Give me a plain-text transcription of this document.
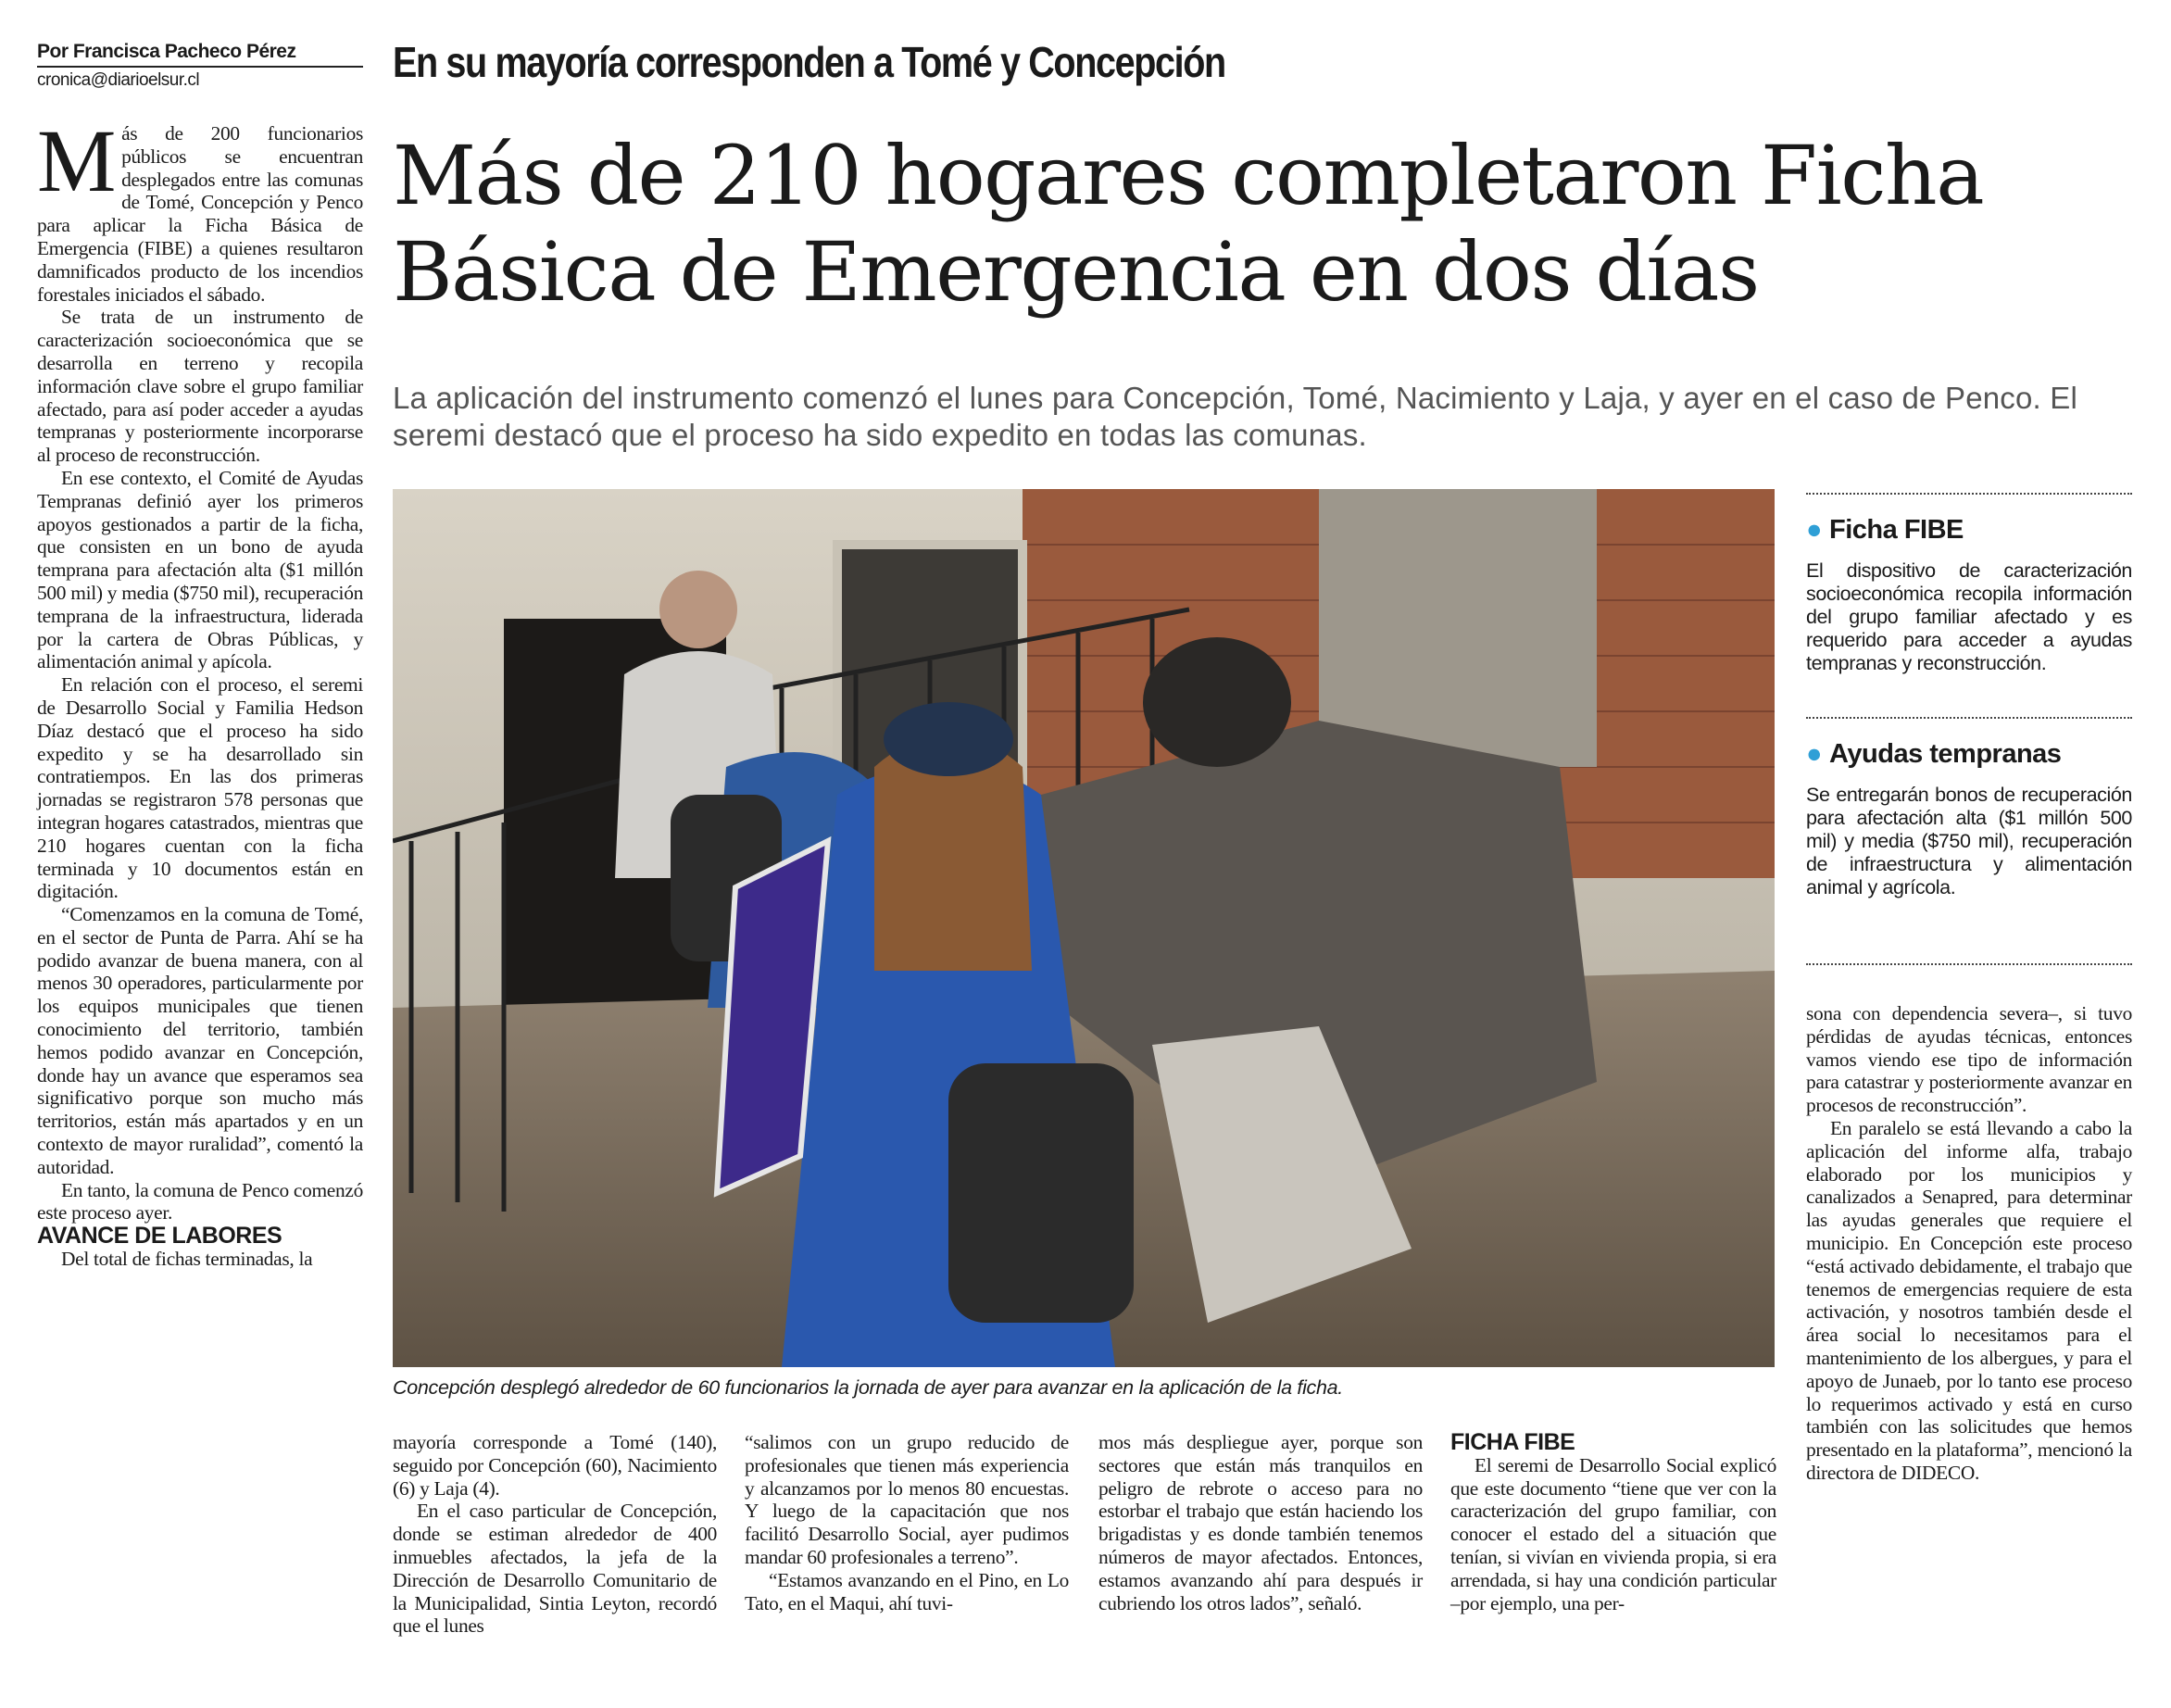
Por Francisca Pacheco Pérez
cronica@diarioelsur.cl	En su mayoría corresponden a Tomé y Concepción
Más de 210 hogares completaron Ficha
Básica de Emergencia en dos días
La aplicación del instrumento comenzó el lunes para Concepción, Tomé, Nacimiento y Laja, y ayer en el caso de Penco. El seremi destacó que el proceso ha sido expedito en todas las comunas.

Más de 200 funcionarios públicos se encuentran desplegados entre las comunas de Tomé, Concepción y Penco para aplicar la Ficha Básica de Emergencia (FIBE) a quienes resultaron damnificados producto de los incendios forestales iniciados el sábado.

Se trata de un instrumento de caracterización socioeconómica que se desarrolla en terreno y recopila información clave sobre el grupo familiar afectado, para así poder acceder a ayudas tempranas y posteriormente incorporarse al proceso de reconstrucción.

En ese contexto, el Comité de Ayudas Tempranas definió ayer los primeros apoyos gestionados a partir de la ficha, que consisten en un bono de ayuda temprana para afectación alta ($1 millón 500 mil) y media ($750 mil), recuperación temprana de la infraestructura, liderada por la cartera de Obras Públicas, y alimentación animal y apícola.

En relación con el proceso, el seremi de Desarrollo Social y Familia Hedson Díaz destacó que el proceso ha sido expedito y se ha desarrollado sin contratiempos. En las dos primeras jornadas se registraron 578 personas que integran hogares catastrados, mientras que 210 hogares cuentan con la ficha terminada y 10 documentos están en digitación.

“Comenzamos en la comuna de Tomé, en el sector de Punta de Parra. Ahí se ha podido avanzar de buena manera, con al menos 30 operadores, particularmente por los equipos municipales que tienen conocimiento del territorio, también hemos podido avanzar en Concepción, donde hay un avance que esperamos sea significativo porque son mucho más territorios, están más apartados y en un contexto de mayor ruralidad”, comentó la autoridad.

En tanto, la comuna de Penco comenzó este proceso ayer.

AVANCE DE LABORES

Del total de fichas terminadas, la

Concepción desplegó alrededor de 60 funcionarios la jornada de ayer para avanzar en la aplicación de la ficha.

mayoría corresponde a Tomé (140), seguido por Concepción (60), Nacimiento (6) y Laja (4).

En el caso particular de Concepción, donde se estiman alrededor de 400 inmuebles afectados, la jefa de la Dirección de Desarrollo Comunitario de la Municipalidad, Sintia Leyton, recordó que el lunes

“salimos con un grupo reducido de profesionales que tienen más experiencia y alcanzamos por lo menos 80 encuestas. Y luego de la capacitación que nos facilitó Desarrollo Social, ayer pudimos mandar 60 profesionales a terreno”.

“Estamos avanzando en el Pino, en Lo Tato, en el Maqui, ahí tuvi-

mos más despliegue ayer, porque son sectores que están más tranquilos en peligro de rebrote o acceso para no estorbar el trabajo que están haciendo los brigadistas y es donde también tenemos números de mayor afectados. Entonces, estamos avanzando ahí para después ir cubriendo los otros lados”, señaló.

FICHA FIBE

El seremi de Desarrollo Social explicó que este documento “tiene que ver con la caracterización del grupo familiar, con conocer el estado del a situación que tenían, si vivían en vivienda propia, si era arrendada, si hay una condición particular –por ejemplo, una per-

sona con dependencia severa–, si tuvo pérdidas de ayudas técnicas, entonces vamos viendo ese tipo de información para catastrar y posteriormente avanzar en procesos de reconstrucción”.

En paralelo se está llevando a cabo la aplicación del informe alfa, trabajo elaborado por los municipios y canalizados a Senapred, para determinar las ayudas generales que requiere el municipio. En Concepción este proceso “está activado debidamente, el trabajo que tenemos de emergencias requiere de esta activación, y nosotros también desde el área social lo necesitamos para el mantenimiento de los albergues, y para el apoyo de Junaeb, por lo tanto ese proceso lo requerimos activado y está en curso también con las solicitudes que hemos presentado en la plataforma”, mencionó la directora de DIDECO.

● Ficha FIBE
El dispositivo de caracterización socioeconómica recopila información del grupo familiar afectado y es requerido para acceder a ayudas tempranas y reconstrucción.
● Ayudas tempranas
Se entregarán bonos de recuperación para afectación alta ($1 millón 500 mil) y media ($750 mil), recuperación de infraestructura y alimentación animal y agrícola.
